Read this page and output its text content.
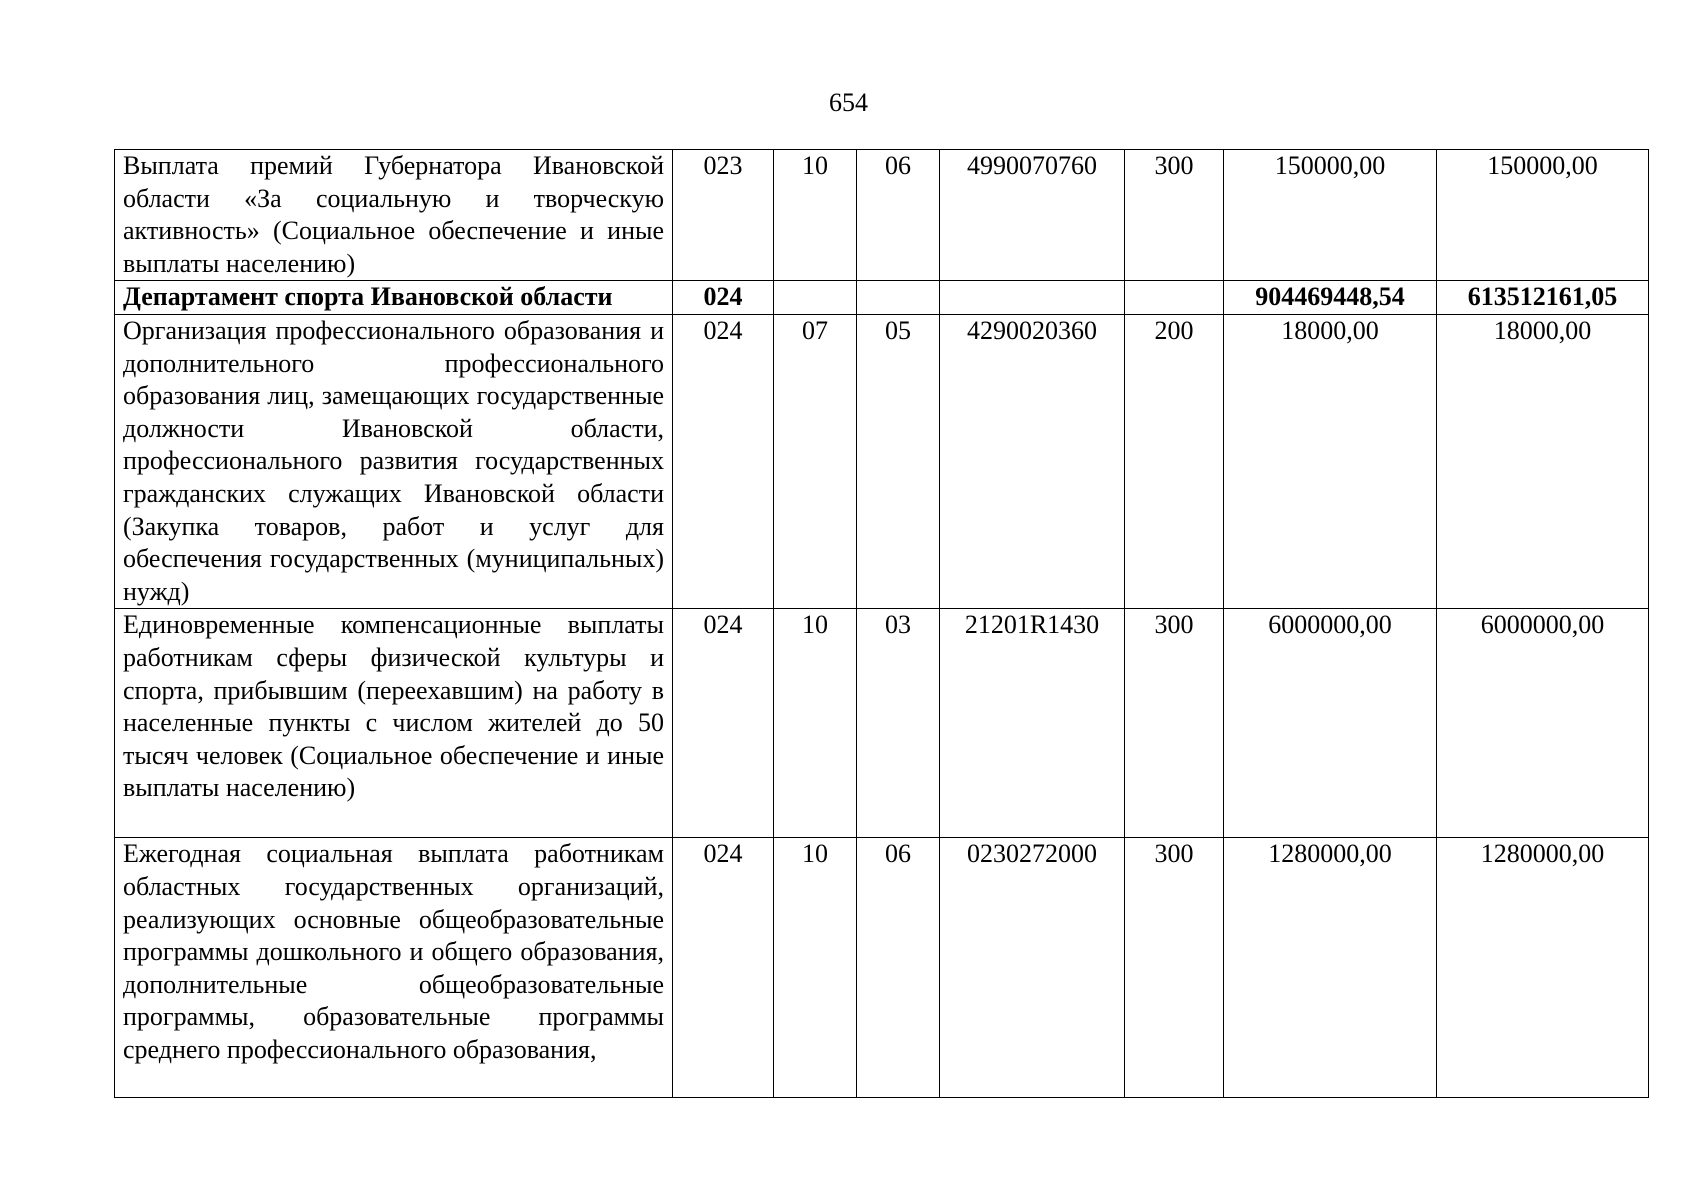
654
Выплата премий Губернатора Ивановской области «За социальную и творческую активность» (Социальное обеспечение и иные выплаты населению)	023	10	06	4990070760	300	150000,00	150000,00
Департамент спорта Ивановской области	024					904469448,54	613512161,05
Организация профессионального образования и дополнительного профессионального образования лиц, замещающих государственные должности Ивановской области, профессионального развития государственных гражданских служащих Ивановской области (Закупка товаров, работ и услуг для обеспечения государственных (муниципальных) нужд)	024	07	05	4290020360	200	18000,00	18000,00
Единовременные компенсационные выплаты работникам сферы физической культуры и спорта, прибывшим (переехавшим) на работу в населенные пункты с числом жителей до 50 тысяч человек (Социальное обеспечение и иные выплаты населению)	024	10	03	21201R1430	300	6000000,00	6000000,00
Ежегодная социальная выплата работникам областных государственных организаций, реализующих основные общеобразовательные программы дошкольного и общего образования, дополнительные общеобразовательные программы, образовательные программы среднего профессионального образования,	024	10	06	0230272000	300	1280000,00	1280000,00
